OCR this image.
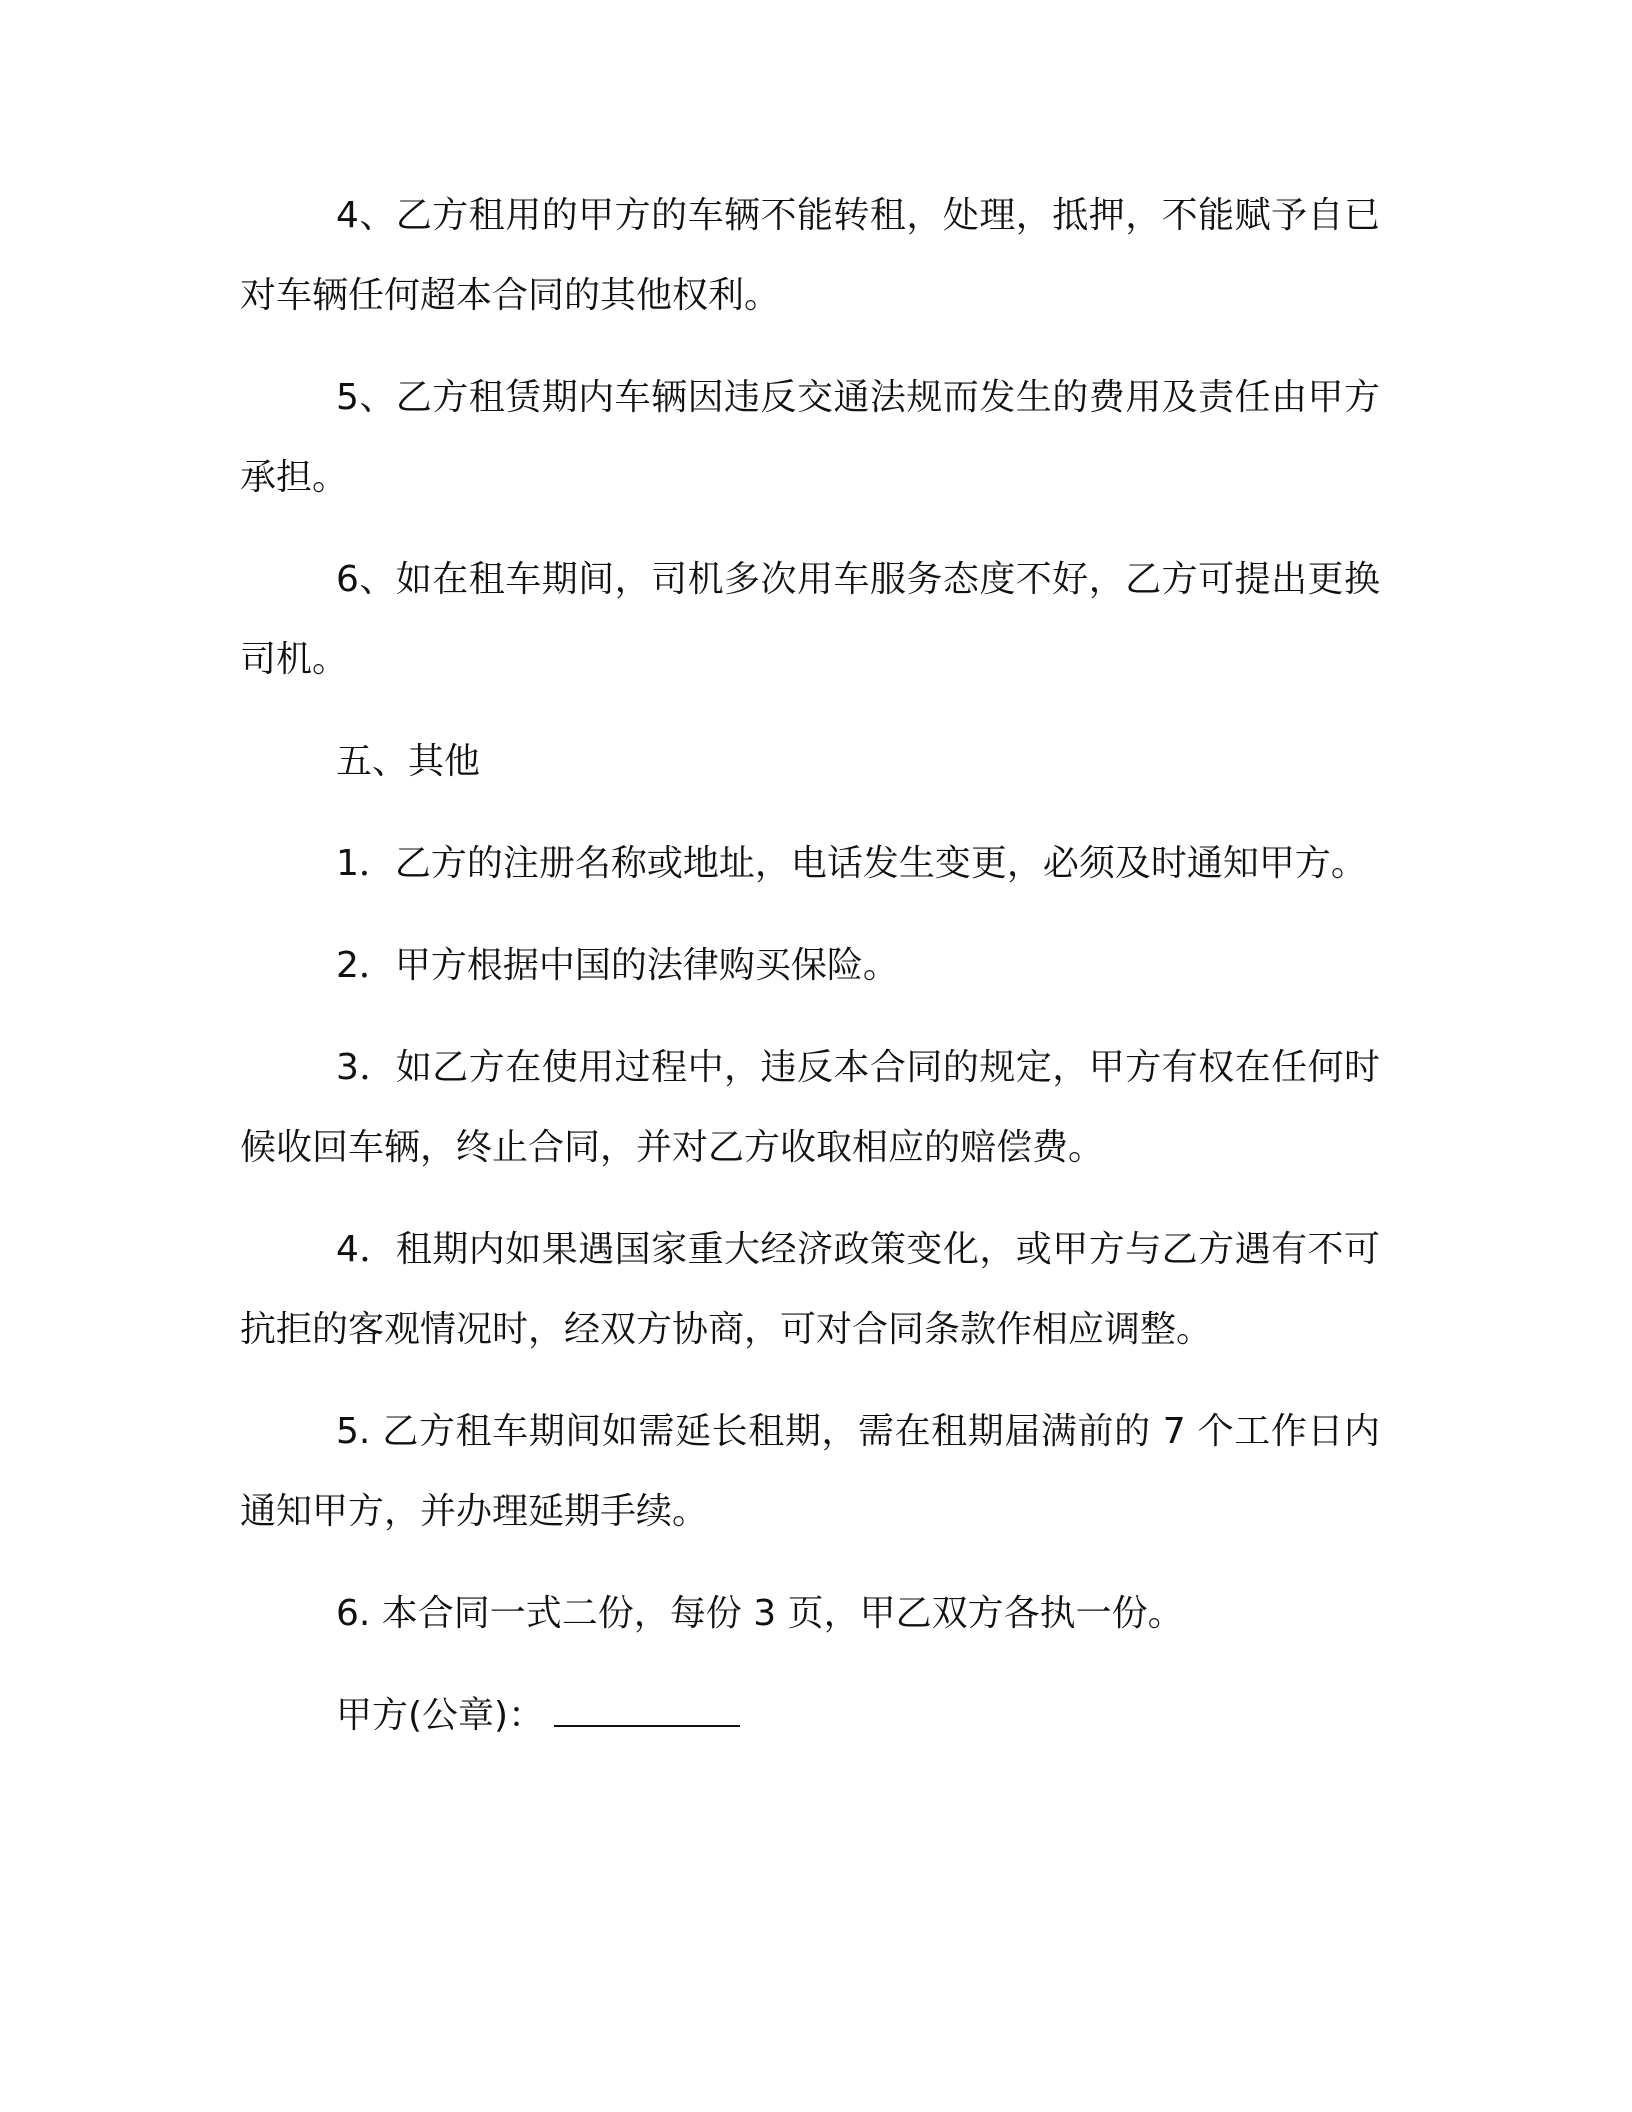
4、乙方租用的甲方的车辆不能转租，处理，抵押，不能赋予自已对车辆任何超本合同的其他权利。

5、乙方租赁期内车辆因违反交通法规而发生的费用及责任由甲方承担。

6、如在租车期间，司机多次用车服务态度不好，乙方可提出更换司机。

五、其他

1．乙方的注册名称或地址，电话发生变更，必须及时通知甲方。

2．甲方根据中国的法律购买保险。

3．如乙方在使用过程中，违反本合同的规定，甲方有权在任何时候收回车辆，终止合同，并对乙方收取相应的赔偿费。

4．租期内如果遇国家重大经济政策变化，或甲方与乙方遇有不可抗拒的客观情况时，经双方协商，可对合同条款作相应调整。

5. 乙方租车期间如需延长租期，需在租期届满前的 7 个工作日内通知甲方，并办理延期手续。

6. 本合同一式二份，每份 3 页，甲乙双方各执一份。

甲方(公章)：
